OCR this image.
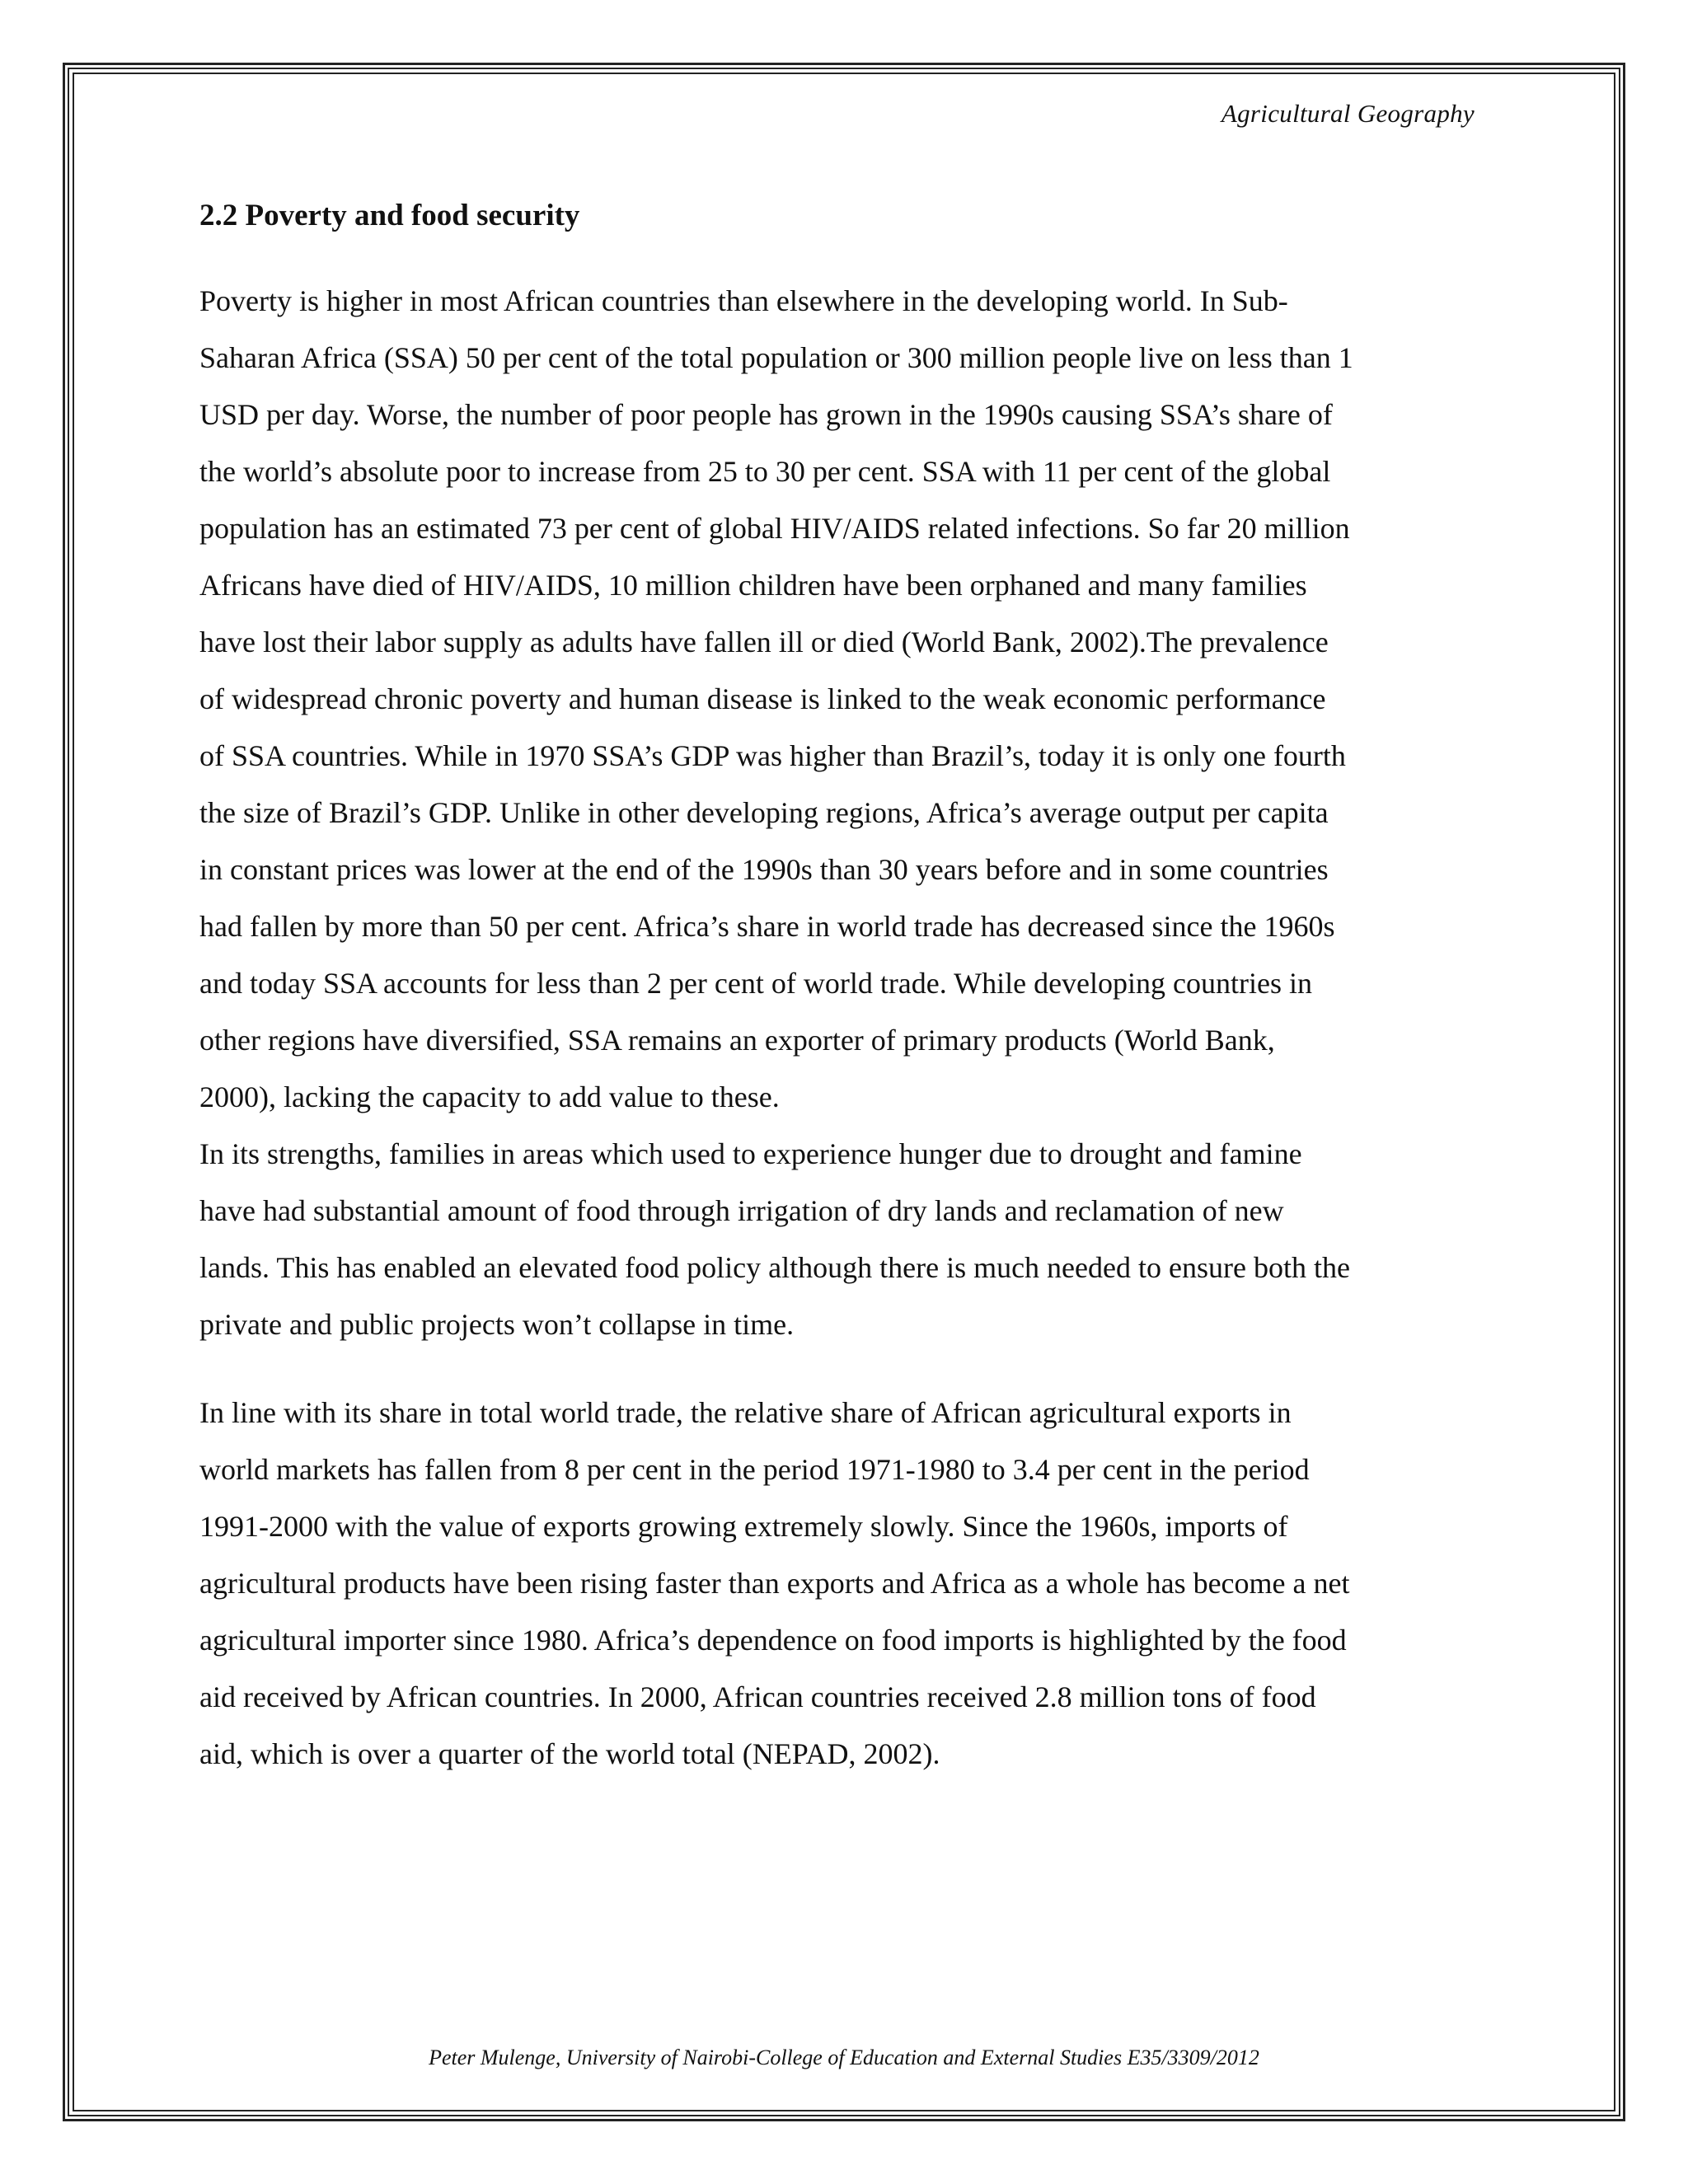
Agricultural Geography
2.2 Poverty and food security
Poverty is higher in most African countries than elsewhere in the developing world. In Sub-
Saharan Africa (SSA) 50 per cent of the total population or 300 million people live on less than 1
USD per day. Worse, the number of poor people has grown in the 1990s causing SSA’s share of
the world’s absolute poor to increase from 25 to 30 per cent. SSA with 11 per cent of the global
population has an estimated 73 per cent of global HIV/AIDS related infections. So far 20 million
Africans have died of HIV/AIDS, 10 million children have been orphaned and many families
have lost their labor supply as adults have fallen ill or died (World Bank, 2002).The prevalence
of widespread chronic poverty and human disease is linked to the weak economic performance
of SSA countries. While in 1970 SSA’s GDP was higher than Brazil’s, today it is only one fourth
the size of Brazil’s GDP. Unlike in other developing regions, Africa’s average output per capita
in constant prices was lower at the end of the 1990s than 30 years before and in some countries
had fallen by more than 50 per cent. Africa’s share in world trade has decreased since the 1960s
and today SSA accounts for less than 2 per cent of world trade. While developing countries in
other regions have diversified, SSA remains an exporter of primary products (World Bank,
2000), lacking the capacity to add value to these.
In its strengths, families in areas which used to experience hunger due to drought and famine
have had substantial amount of food through irrigation of dry lands and reclamation of new
lands. This has enabled an elevated food policy although there is much needed to ensure both the
private and public projects won’t collapse in time.
In line with its share in total world trade, the relative share of African agricultural exports in
world markets has fallen from 8 per cent in the period 1971-1980 to 3.4 per cent in the period
1991-2000 with the value of exports growing extremely slowly. Since the 1960s, imports of
agricultural products have been rising faster than exports and Africa as a whole has become a net
agricultural importer since 1980. Africa’s dependence on food imports is highlighted by the food
aid received by African countries. In 2000, African countries received 2.8 million tons of food
aid, which is over a quarter of the world total (NEPAD, 2002).
Peter Mulenge, University of Nairobi-College of Education and External Studies E35/3309/2012
